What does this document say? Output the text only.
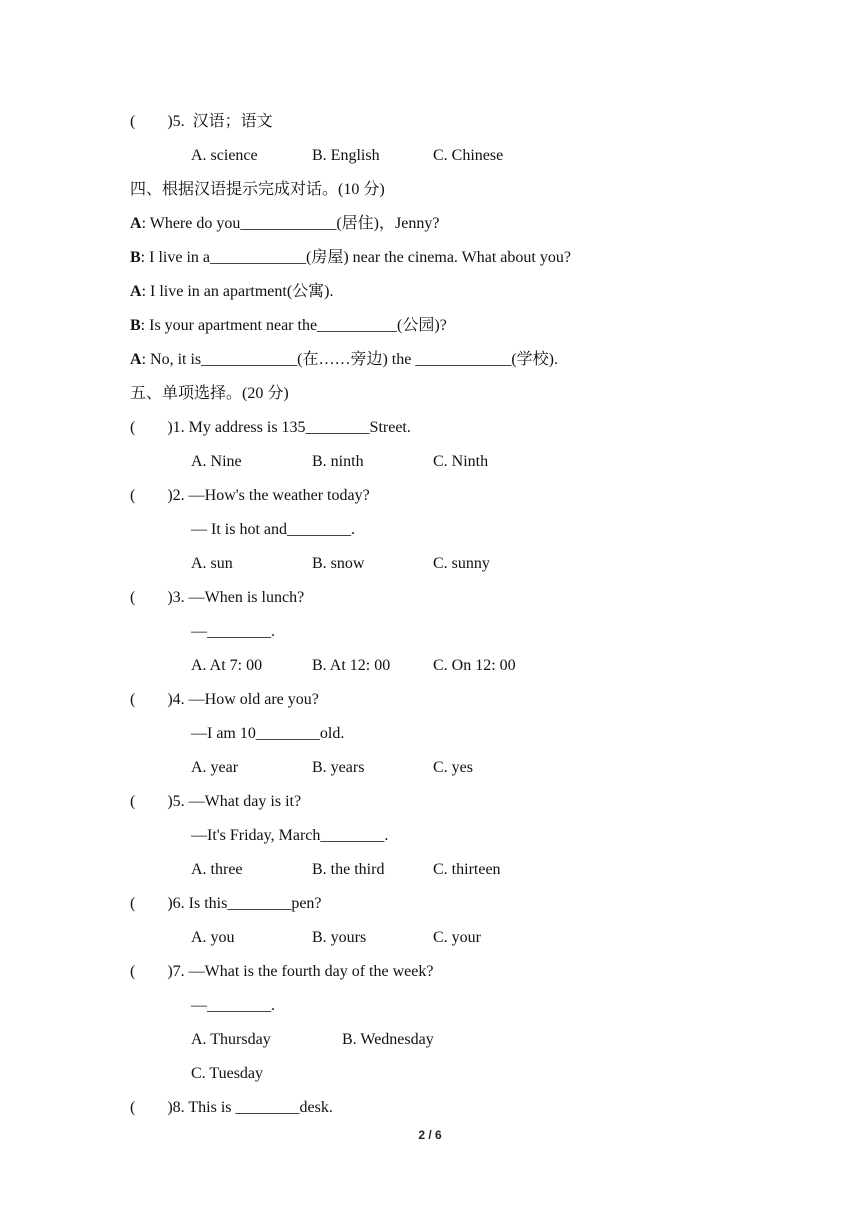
(        )5.  汉语；语文
A. science	B. English	C. Chinese
四、根据汉语提示完成对话。(10 分)
A: Where do you____________(居住)，Jenny?
B: I live in a____________(房屋) near the cinema. What about you?
A: I live in an apartment(公寓).
B: Is your apartment near the__________(公园)?
A: No, it is____________(在……旁边) the ____________(学校).
五、单项选择。(20 分)
(        )1. My address is 135________Street.
A. Nine	B. ninth	C. Ninth
(        )2. —How's the weather today?
— It is hot and________.
A. sun	B. snow	C. sunny
(        )3. —When is lunch?
—________.
A. At 7: 00	B. At 12: 00	C. On 12: 00
(        )4. —How old are you?
—I am 10________old.
A. year	B. years	C. yes
(        )5. —What day is it?
—It's Friday, March________.
A. three	B. the third	C. thirteen
(        )6. Is this________pen?
A. you	B. yours	C. your
(        )7. —What is the fourth day of the week?
—________.
A. Thursday	B. Wednesday
C. Tuesday
(        )8. This is ________desk.
2 / 6
